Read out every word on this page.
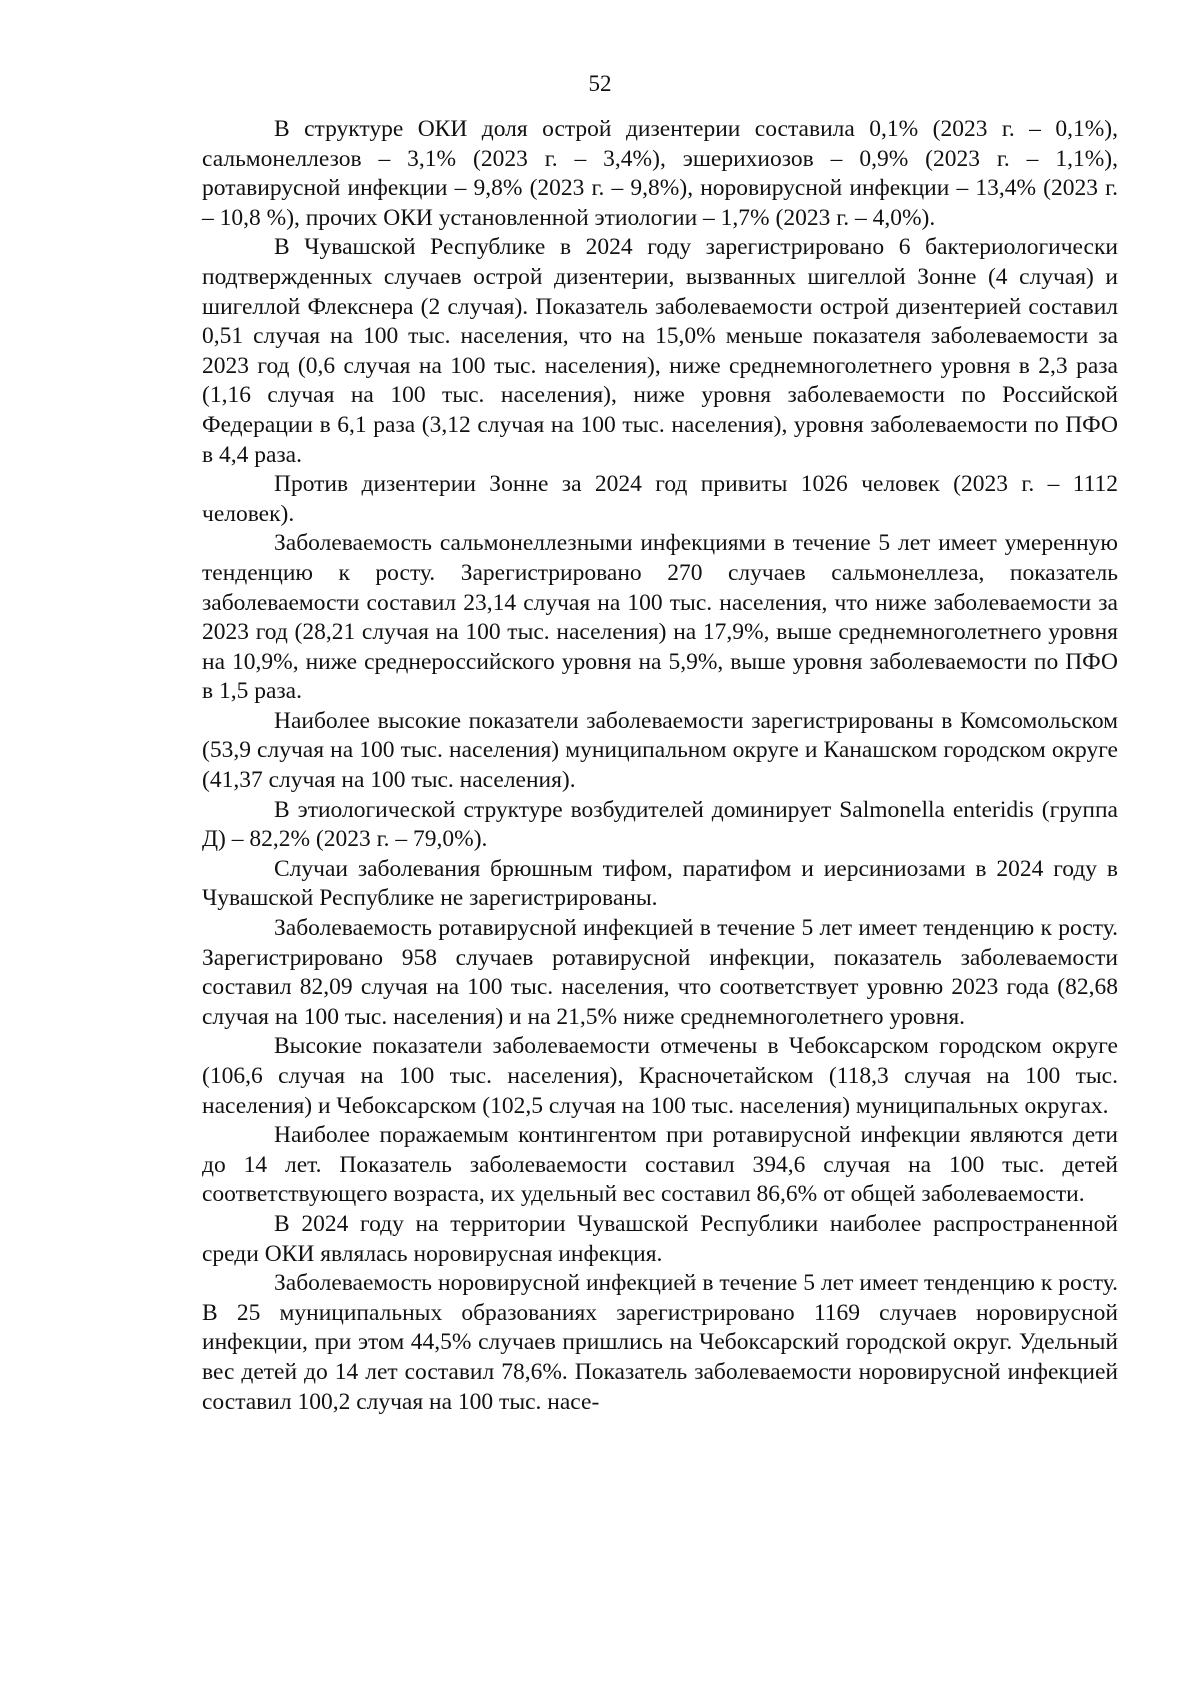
52

В структуре ОКИ доля острой дизентерии составила 0,1% (2023 г. – 0,1%), сальмонеллезов – 3,1% (2023 г. – 3,4%), эшерихиозов – 0,9% (2023 г. – 1,1%), ротавирусной инфекции – 9,8% (2023 г. – 9,8%), норовирусной инфекции – 13,4% (2023 г. – 10,8 %), прочих ОКИ установленной этиологии – 1,7% (2023 г. – 4,0%).

В Чувашской Республике в 2024 году зарегистрировано 6 бактериологически подтвержденных случаев острой дизентерии, вызванных шигеллой Зонне (4 случая) и шигеллой Флекснера (2 случая). Показатель заболеваемости острой дизентерией составил 0,51 случая на 100 тыс. населения, что на 15,0% меньше показателя заболеваемости за 2023 год (0,6 случая на 100 тыс. населения), ниже среднемноголетнего уровня в 2,3 раза (1,16 случая на 100 тыс. населения), ниже уровня заболеваемости по Российской Федерации в 6,1 раза (3,12 случая на 100 тыс. населения), уровня заболеваемости по ПФО в 4,4 раза.

Против дизентерии Зонне за 2024 год привиты 1026 человек (2023 г. – 1112 человек).

Заболеваемость сальмонеллезными инфекциями в течение 5 лет имеет умеренную тенденцию к росту. Зарегистрировано 270 случаев сальмонеллеза, показатель заболеваемости составил 23,14 случая на 100 тыс. населения, что ниже заболеваемости за 2023 год (28,21 случая на 100 тыс. населения) на 17,9%, выше среднемноголетнего уровня на 10,9%, ниже среднероссийского уровня на 5,9%, выше уровня заболеваемости по ПФО в 1,5 раза.

Наиболее высокие показатели заболеваемости зарегистрированы в Комсомольском (53,9 случая на 100 тыс. населения) муниципальном округе и Канашском городском округе (41,37 случая на 100 тыс. населения).

В этиологической структуре возбудителей доминирует Salmonella enteridis (группа Д) – 82,2% (2023 г. – 79,0%).

Случаи заболевания брюшным тифом, паратифом и иерсиниозами в 2024 году в Чувашской Республике не зарегистрированы.

Заболеваемость ротавирусной инфекцией в течение 5 лет имеет тенденцию к росту. Зарегистрировано 958 случаев ротавирусной инфекции, показатель заболеваемости составил 82,09 случая на 100 тыс. населения, что соответствует уровню 2023 года (82,68 случая на 100 тыс. населения) и на 21,5% ниже среднемноголетнего уровня.

Высокие показатели заболеваемости отмечены в Чебоксарском городском округе (106,6 случая на 100 тыс. населения), Красночетайском (118,3 случая на 100 тыс. населения) и Чебоксарском (102,5 случая на 100 тыс. населения) муниципальных округах.

Наиболее поражаемым контингентом при ротавирусной инфекции являются дети до 14 лет. Показатель заболеваемости составил 394,6 случая на 100 тыс. детей соответствующего возраста, их удельный вес составил 86,6% от общей заболеваемости.

В 2024 году на территории Чувашской Республики наиболее распространенной среди ОКИ являлась норовирусная инфекция.

Заболеваемость норовирусной инфекцией в течение 5 лет имеет тенденцию к росту. В 25 муниципальных образованиях зарегистрировано 1169 случаев норовирусной инфекции, при этом 44,5% случаев пришлись на Чебоксарский городской округ. Удельный вес детей до 14 лет составил 78,6%. Показатель заболеваемости норовирусной инфекцией составил 100,2 случая на 100 тыс. насе-
